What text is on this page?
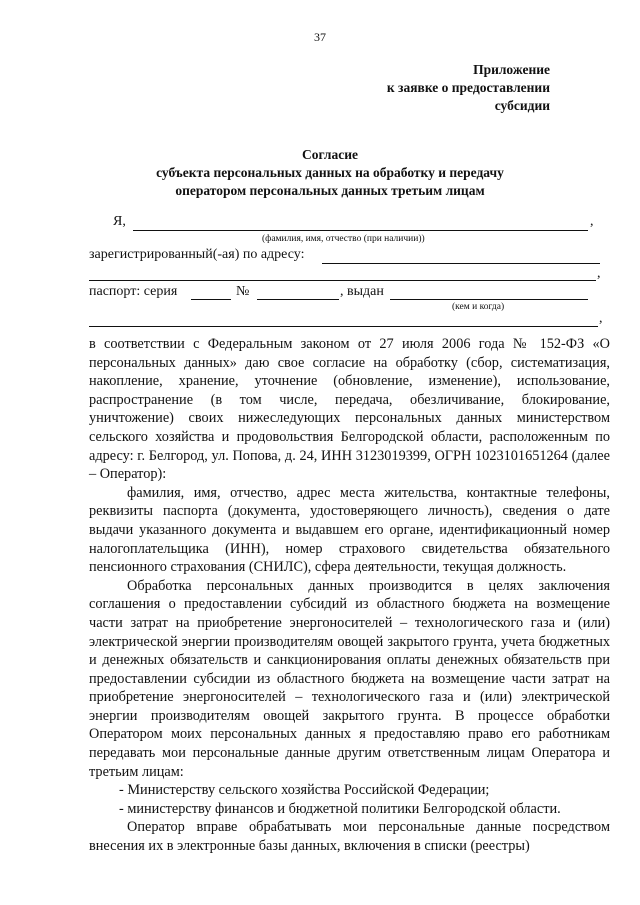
37
Приложение
к заявке о предоставлении
субсидии
Согласие
субъекта персональных данных на обработку и передачу
оператором персональных данных третьим лицам
Я,	,
(фамилия, имя, отчество (при наличии))
зарегистрированный(-ая) по адресу:
,
паспорт: серия	№	, выдан
(кем и когда)
,

в соответствии с Федеральным законом от 27 июля 2006 года № 152-ФЗ «О персональных данных» даю свое согласие на обработку (сбор, систематизация, накопление, хранение, уточнение (обновление, изменение), использование, распространение (в том числе, передача, обезличивание, блокирование, уничтожение) своих нижеследующих персональных данных министерством сельского хозяйства и продовольствия Белгородской области, расположенным по адресу: г. Белгород, ул. Попова, д. 24, ИНН 3123019399, ОГРН 1023101651264 (далее – Оператор):

фамилия, имя, отчество, адрес места жительства, контактные телефоны, реквизиты паспорта (документа, удостоверяющего личность), сведения о дате выдачи указанного документа и выдавшем его органе, идентификационный номер налогоплательщика (ИНН), номер страхового свидетельства обязательного пенсионного страхования (СНИЛС), сфера деятельности, текущая должность.

Обработка персональных данных производится в целях заключения соглашения о предоставлении субсидий из областного бюджета на возмещение части затрат на приобретение энергоносителей – технологического газа и (или) электрической энергии производителям овощей закрытого грунта, учета бюджетных и денежных обязательств и санкционирования оплаты денежных обязательств при предоставлении субсидии из областного бюджета на возмещение части затрат на приобретение энергоносителей – технологического газа и (или) электрической энергии производителям овощей закрытого грунта. В процессе обработки Оператором моих персональных данных я предоставляю право его работникам передавать мои персональные данные другим ответственным лицам Оператора и третьим лицам:

- Министерству сельского хозяйства Российской Федерации;

- министерству финансов и бюджетной политики Белгородской области.

Оператор вправе обрабатывать мои персональные данные посредством внесения их в электронные базы данных, включения в списки (реестры)
